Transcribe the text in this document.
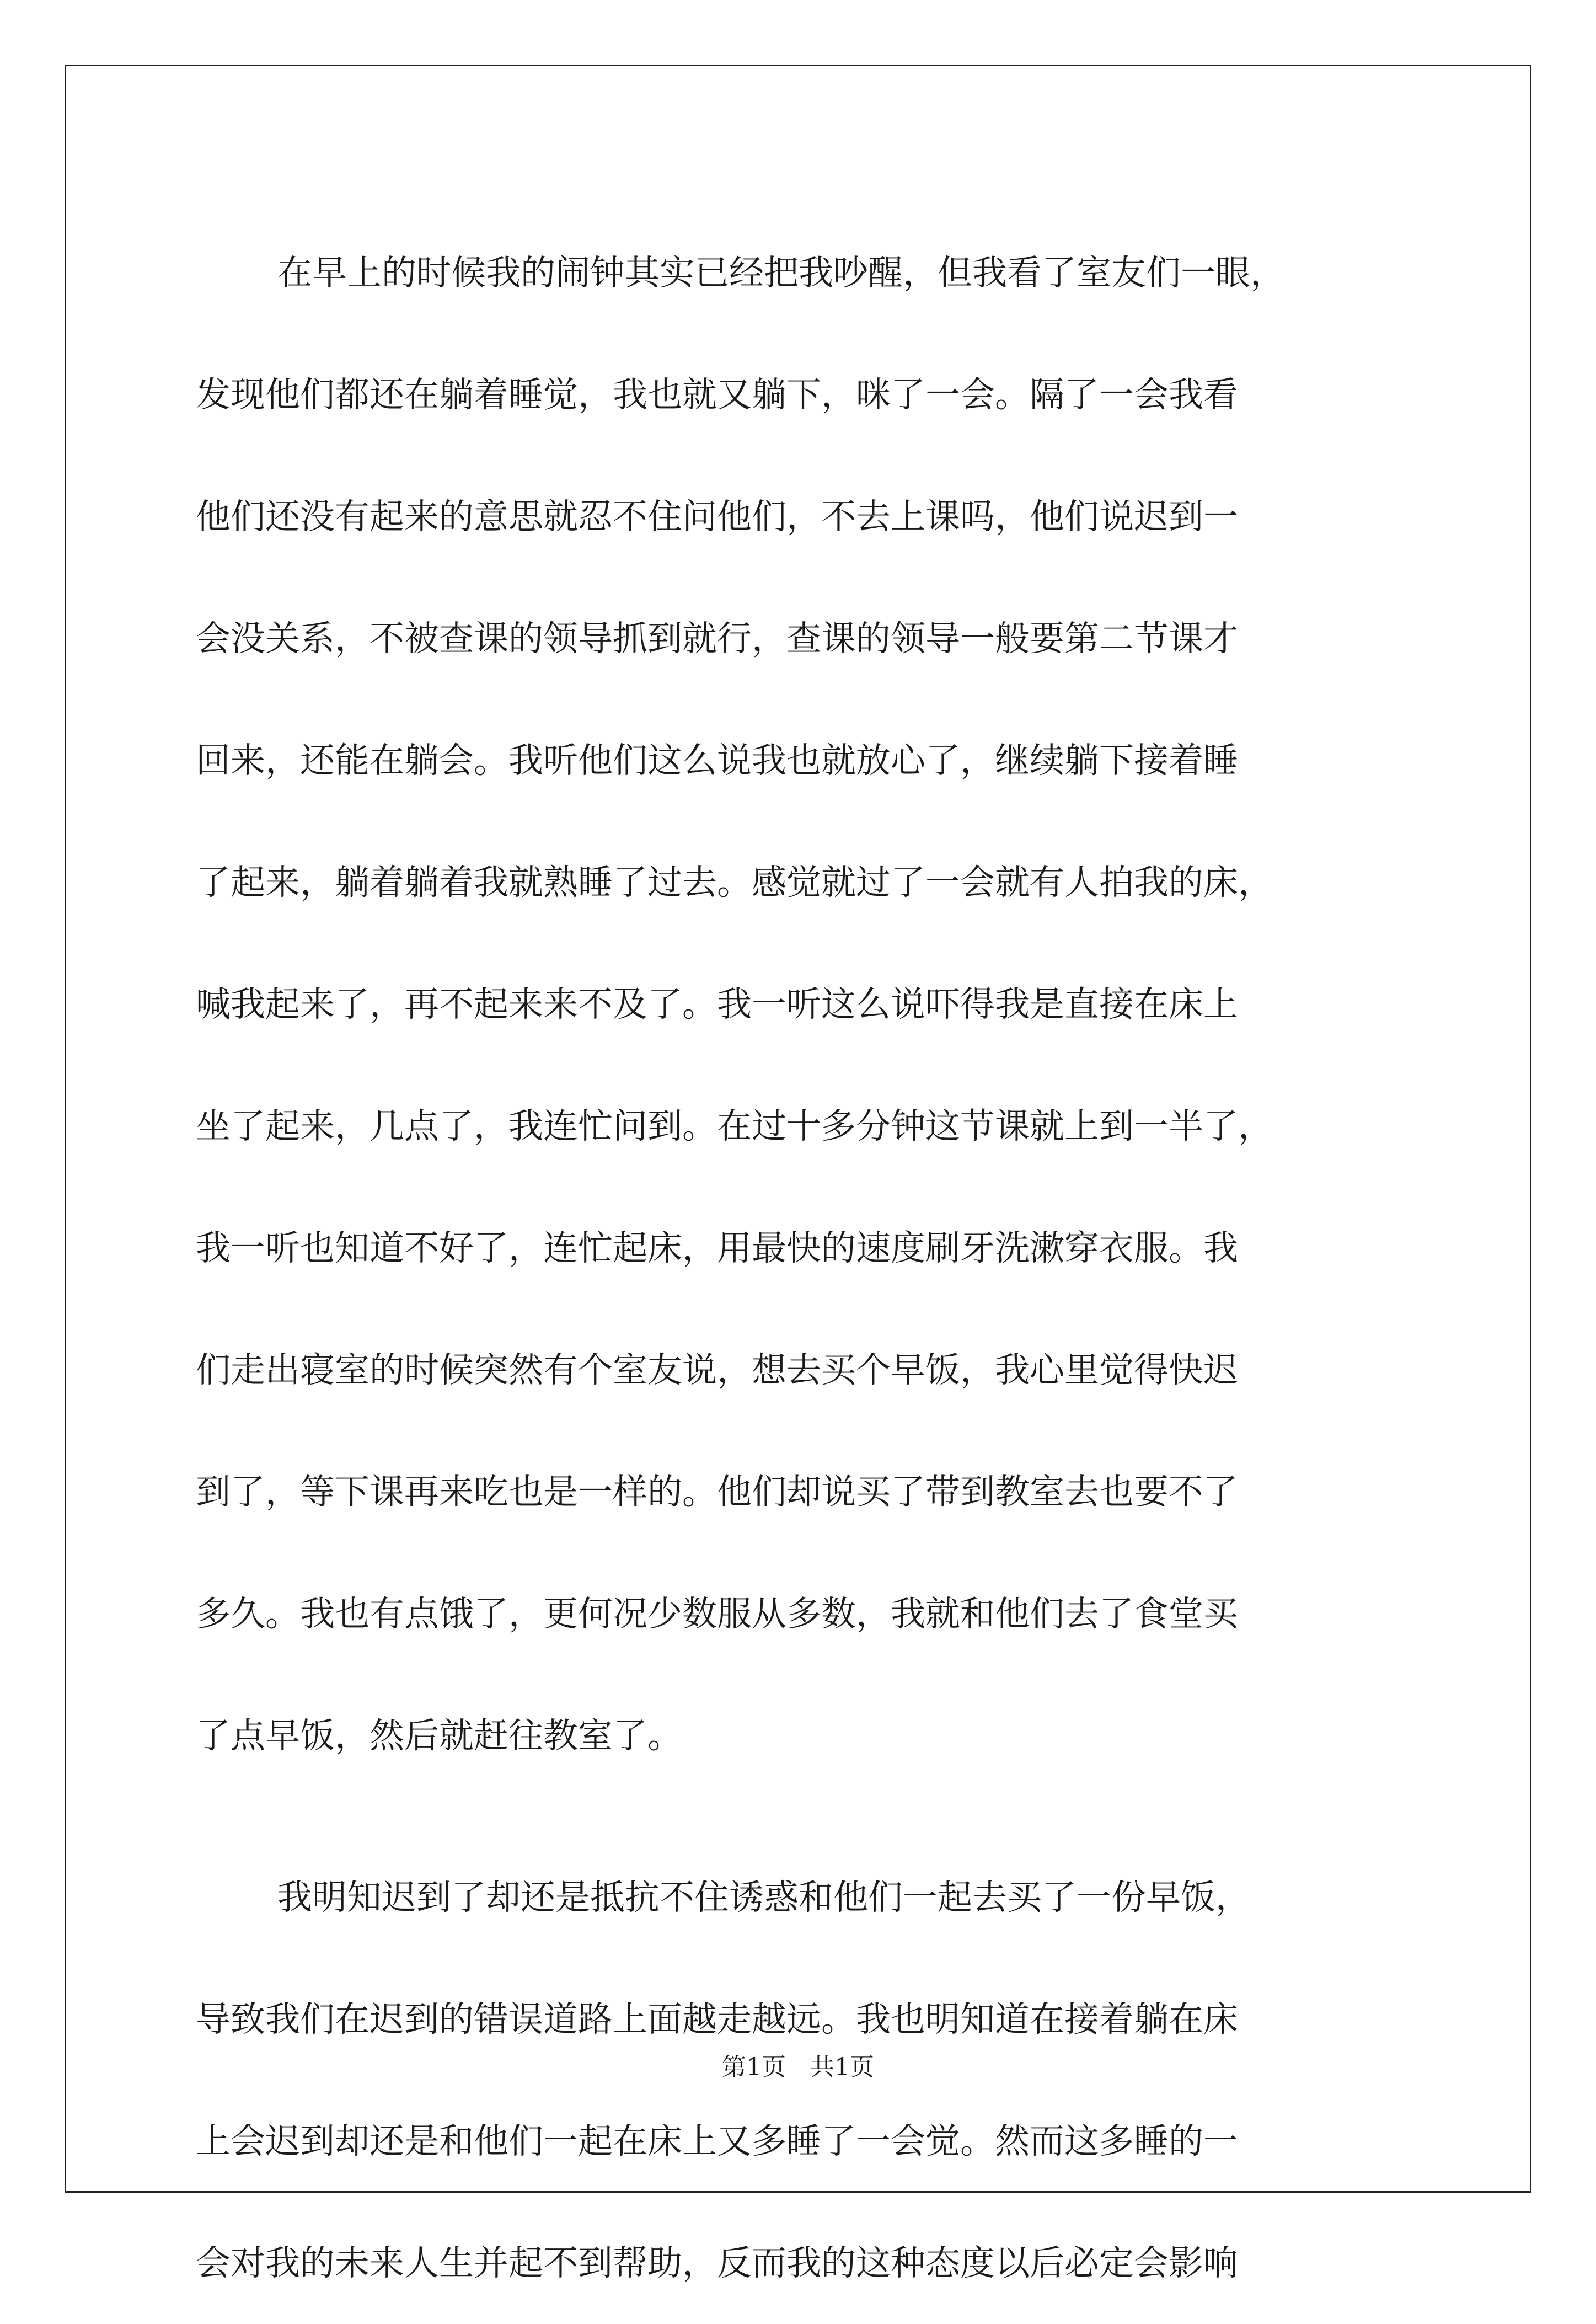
在早上的时候我的闹钟其实已经把我吵醒，但我看了室友们一眼，
发现他们都还在躺着睡觉，我也就又躺下，咪了一会。隔了一会我看
他们还没有起来的意思就忍不住问他们，不去上课吗，他们说迟到一
会没关系，不被查课的领导抓到就行，查课的领导一般要第二节课才
回来，还能在躺会。我听他们这么说我也就放心了，继续躺下接着睡
了起来，躺着躺着我就熟睡了过去。感觉就过了一会就有人拍我的床，
喊我起来了，再不起来来不及了。我一听这么说吓得我是直接在床上
坐了起来，几点了，我连忙问到。在过十多分钟这节课就上到一半了，
我一听也知道不好了，连忙起床，用最快的速度刷牙洗漱穿衣服。我
们走出寝室的时候突然有个室友说，想去买个早饭，我心里觉得快迟
到了，等下课再来吃也是一样的。他们却说买了带到教室去也要不了
多久。我也有点饿了，更何况少数服从多数，我就和他们去了食堂买
了点早饭，然后就赶往教室了。
我明知迟到了却还是抵抗不住诱惑和他们一起去买了一份早饭，
导致我们在迟到的错误道路上面越走越远。我也明知道在接着躺在床
上会迟到却还是和他们一起在床上又多睡了一会觉。然而这多睡的一
会对我的未来人生并起不到帮助，反而我的这种态度以后必定会影响
第1页　共1页
